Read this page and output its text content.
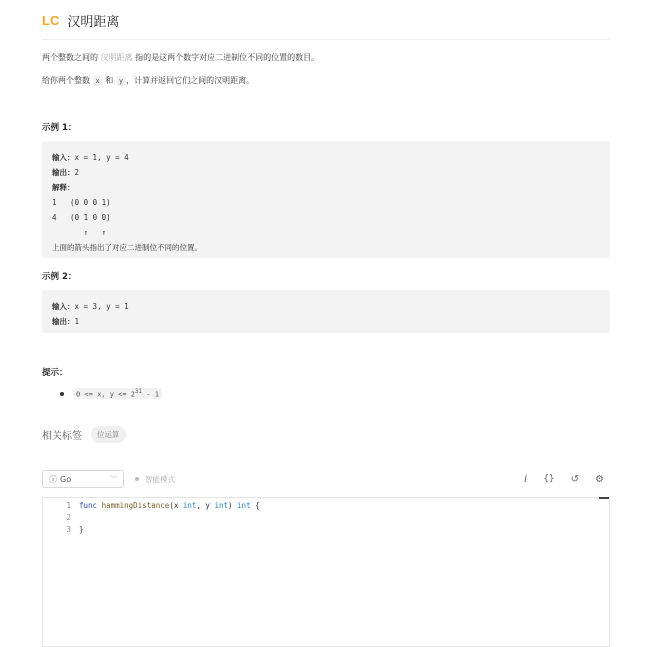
LC 汉明距离
两个整数之间的 汉明距离 指的是这两个数字对应二进制位不同的位置的数目。
给你两个整数 x 和 y ，计算并返回它们之间的汉明距离。
示例 1：
输入：x = 1, y = 4
输出：2
解释：
1   (0 0 0 1)
4   (0 1 0 0)
↑   ↑
上面的箭头指出了对应二进制位不同的位置。
示例 2：
输入：x = 3, y = 1
输出：1
提示：
0 <= x, $y <= 2^{31} - 1$
相关标签	位运算
ⓘ Go	﹀	智能模式	i {} ↺ ⚙
1
2
3
func hammingDistance(x int, y int) int {
}
